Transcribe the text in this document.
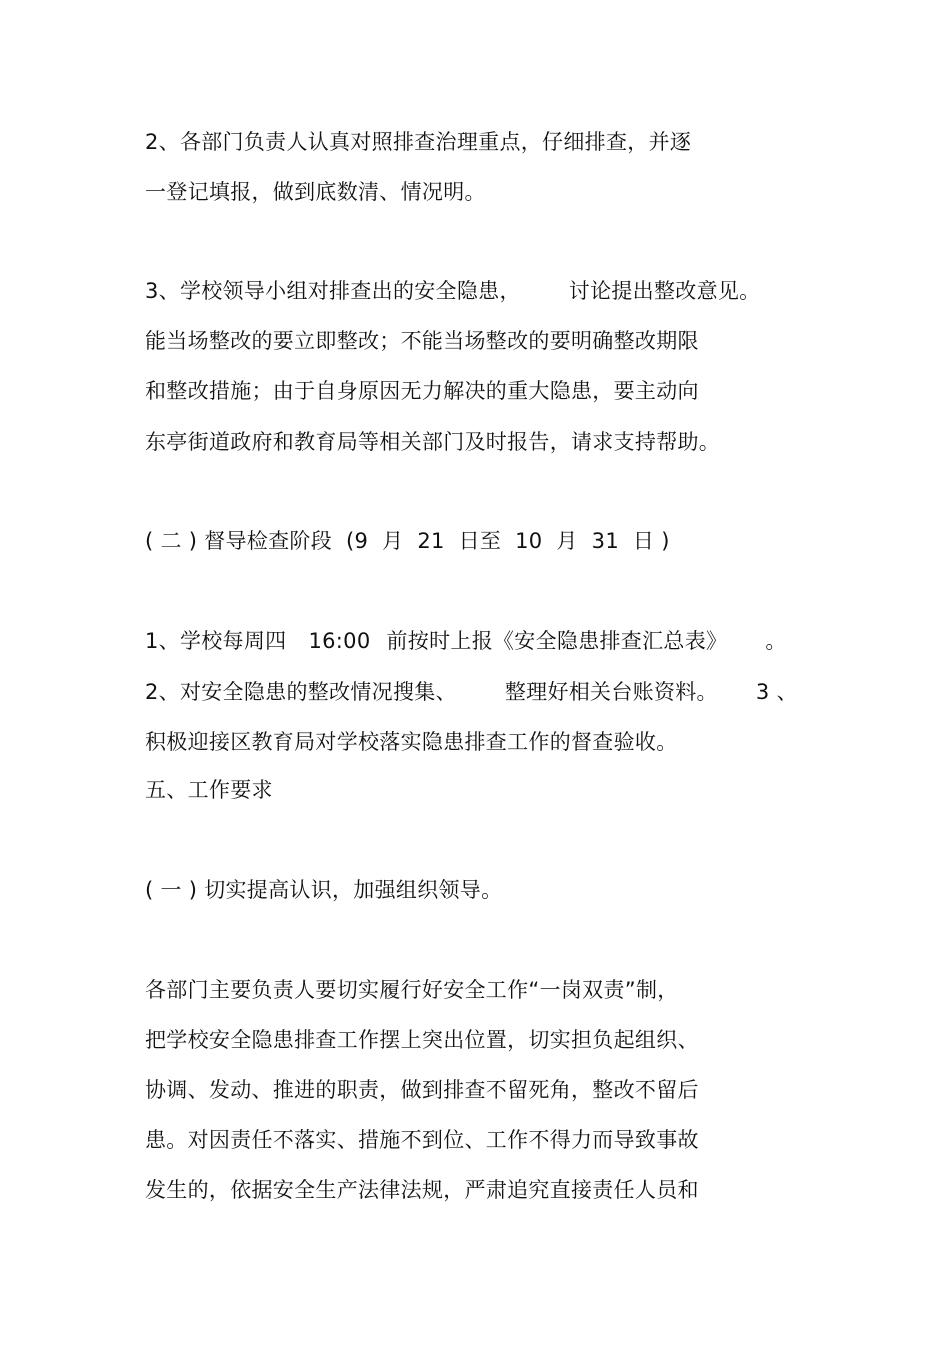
2、各部门负责人认真对照排查治理重点，仔细排查，并逐
一登记填报，做到底数清、情况明。
3、学校领导小组对排查出的安全隐患， 讨论提出整改意见。
能当场整改的要立即整改；不能当场整改的要明确整改期限
和整改措施；由于自身原因无力解决的重大隐患，要主动向
东亭街道政府和教育局等相关部门及时报告，请求支持帮助。
( 二 ) 督导检查阶段  (9  月  21  日至  10  月  31  日 )
1、学校每周四 16:00 前按时上报《安全隐患排查汇总表》 。
2、对安全隐患的整改情况搜集、 整理好相关台账资料。 3 、
积极迎接区教育局对学校落实隐患排查工作的督查验收。
五、工作要求
( 一 ) 切实提高认识，加强组织领导。
各部门主要负责人要切实履行好安全工作“一岗双责”制，
把学校安全隐患排查工作摆上突出位置，切实担负起组织、
协调、发动、推进的职责，做到排查不留死角，整改不留后
患。对因责任不落实、措施不到位、工作不得力而导致事故
发生的，依据安全生产法律法规，严肃追究直接责任人员和
